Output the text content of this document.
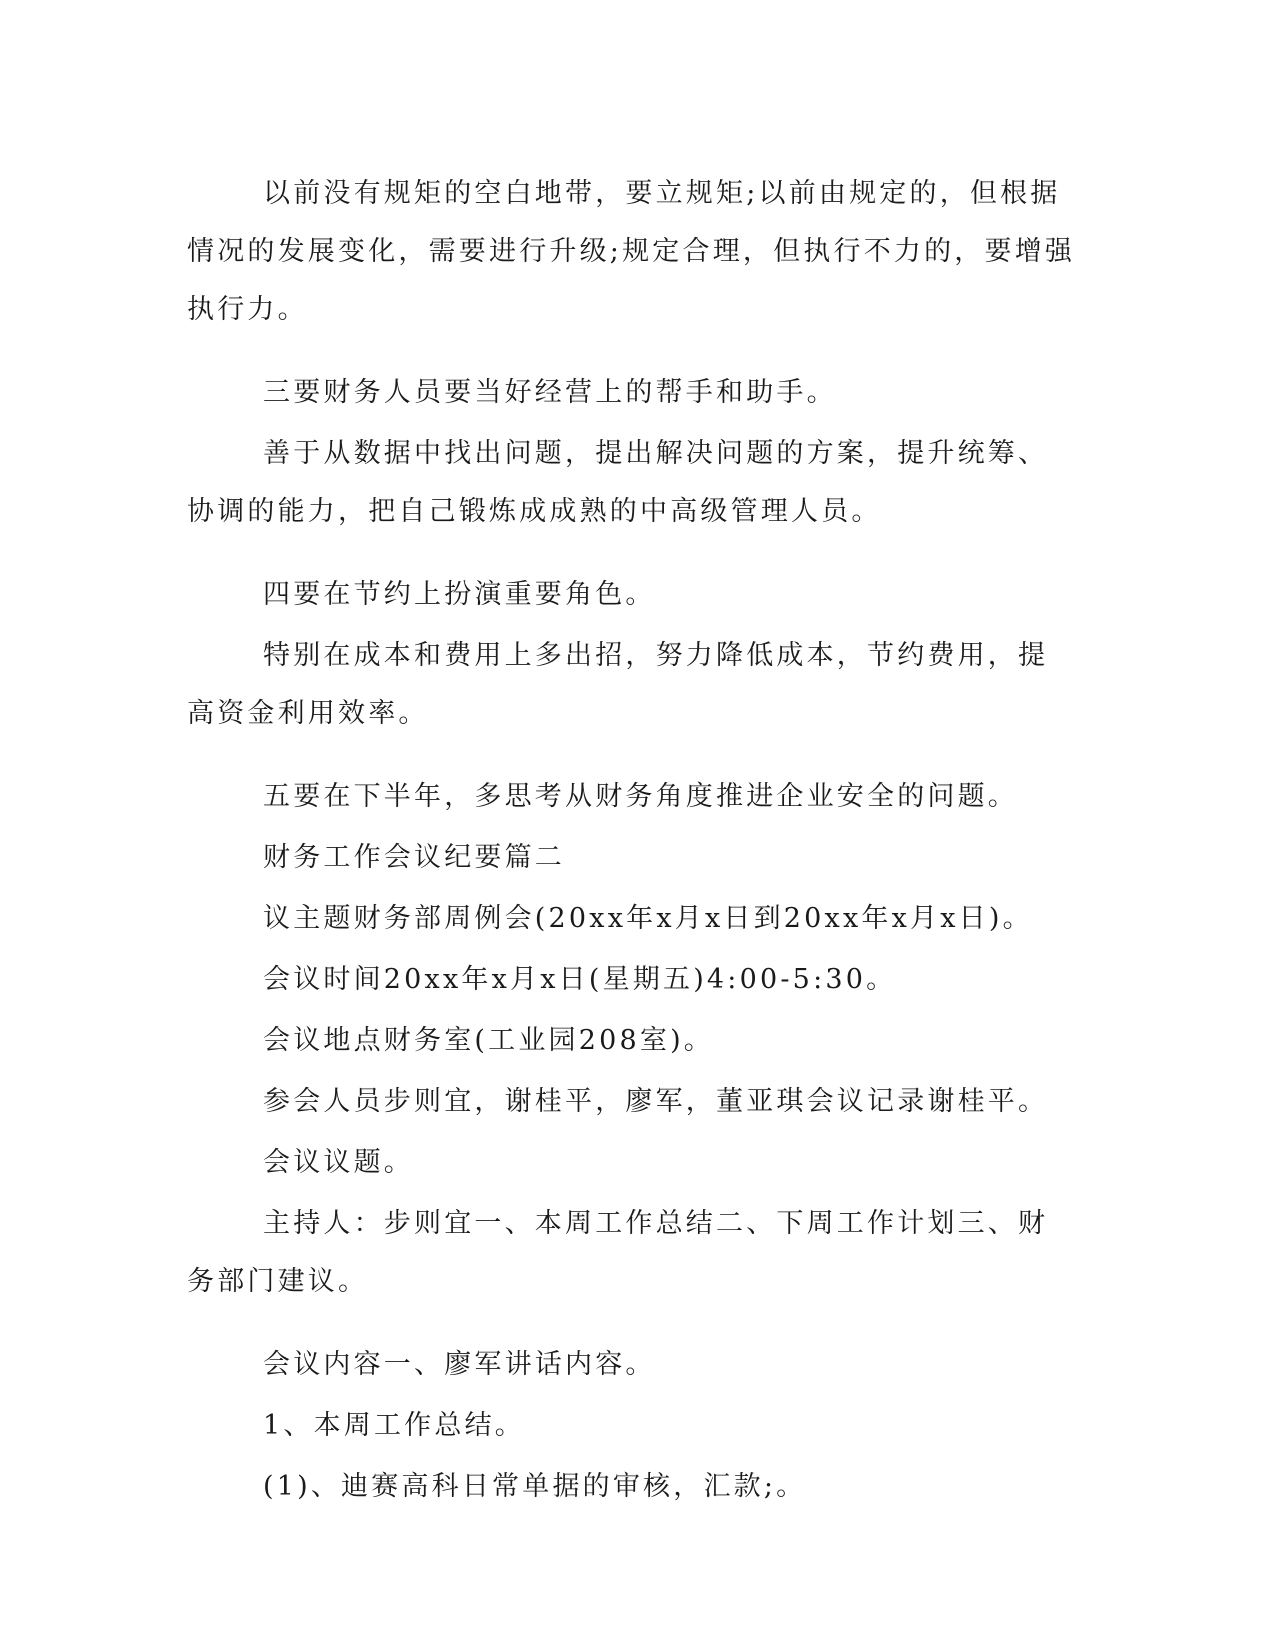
以前没有规矩的空白地带，要立规矩;以前由规定的，但根据情况的发展变化，需要进行升级;规定合理，但执行不力的，要增强执行力。

三要财务人员要当好经营上的帮手和助手。

善于从数据中找出问题，提出解决问题的方案，提升统筹、协调的能力，把自己锻炼成成熟的中高级管理人员。

四要在节约上扮演重要角色。

特别在成本和费用上多出招，努力降低成本，节约费用，提高资金利用效率。

五要在下半年，多思考从财务角度推进企业安全的问题。

财务工作会议纪要篇二

议主题财务部周例会(20xx年x月x日到20xx年x月x日)。

会议时间20xx年x月x日(星期五)4:00-5:30。

会议地点财务室(工业园208室)。

参会人员步则宜，谢桂平，廖军，董亚琪会议记录谢桂平。

会议议题。

主持人：步则宜一、本周工作总结二、下周工作计划三、财务部门建议。

会议内容一、廖军讲话内容。

1、本周工作总结。

(1)、迪赛高科日常单据的审核，汇款;。
